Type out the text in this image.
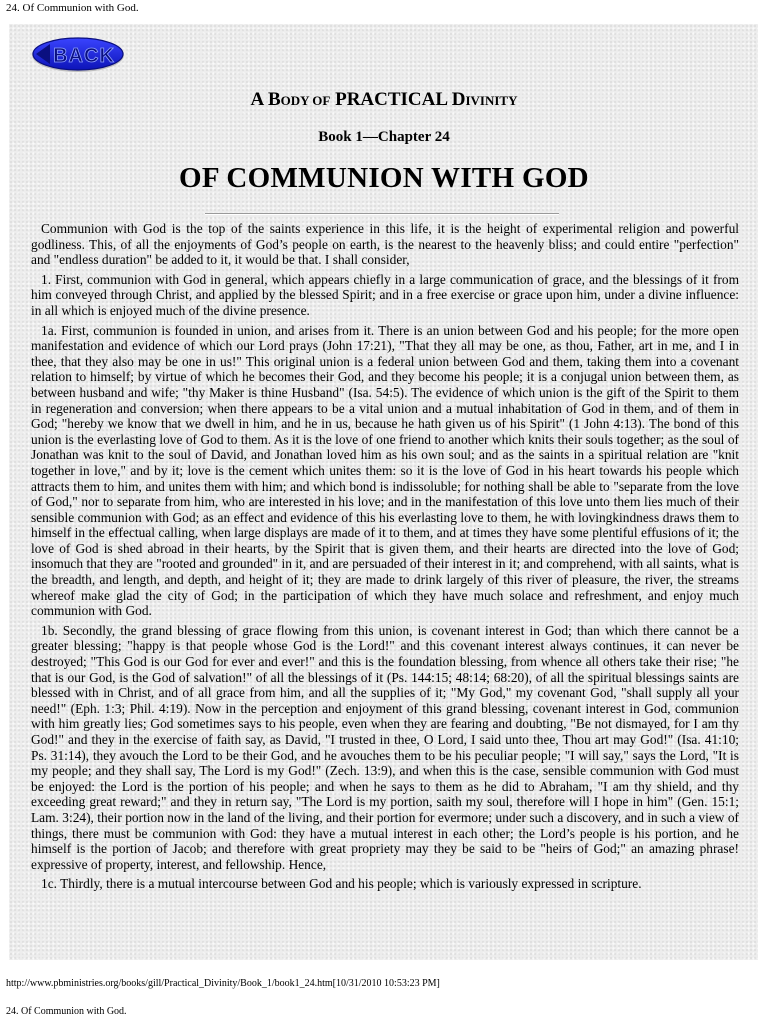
24. Of Communion with God.
BACK
A BODY OF PRACTICAL DIVINITY
Book 1—Chapter 24
OF COMMUNION WITH GOD

Communion with God is the top of the saints experience in this life, it is the height of experimental religion and powerful godliness. This, of all the enjoyments of God’s people on earth, is the nearest to the heavenly bliss; and could entire "perfection" and "endless duration" be added to it, it would be that. I shall consider,

1. First, communion with God in general, which appears chiefly in a large communication of grace, and the blessings of it from him conveyed through Christ, and applied by the blessed Spirit; and in a free exercise or grace upon him, under a divine influence: in all which is enjoyed much of the divine presence.

1a. First, communion is founded in union, and arises from it. There is an union between God and his people; for the more open manifestation and evidence of which our Lord prays (John 17:21), "That they all may be one, as thou, Father, art in me, and I in thee, that they also may be one in us!" This original union is a federal union between God and them, taking them into a covenant relation to himself; by virtue of which he becomes their God, and they become his people; it is a conjugal union between them, as between husband and wife; "thy Maker is thine Husband" (Isa. 54:5). The evidence of which union is the gift of the Spirit to them in regeneration and conversion; when there appears to be a vital union and a mutual inhabitation of God in them, and of them in God; "hereby we know that we dwell in him, and he in us, because he hath given us of his Spirit" (1 John 4:13). The bond of this union is the everlasting love of God to them. As it is the love of one friend to another which knits their souls together; as the soul of Jonathan was knit to the soul of David, and Jonathan loved him as his own soul; and as the saints in a spiritual relation are "knit together in love," and by it; love is the cement which unites them: so it is the love of God in his heart towards his people which attracts them to him, and unites them with him; and which bond is indissoluble; for nothing shall be able to "separate from the love of God," nor to separate from him, who are interested in his love; and in the manifestation of this love unto them lies much of their sensible communion with God; as an effect and evidence of this his everlasting love to them, he with lovingkindness draws them to himself in the effectual calling, when large displays are made of it to them, and at times they have some plentiful effusions of it; the love of God is shed abroad in their hearts, by the Spirit that is given them, and their hearts are directed into the love of God; insomuch that they are "rooted and grounded" in it, and are persuaded of their interest in it; and comprehend, with all saints, what is the breadth, and length, and depth, and height of it; they are made to drink largely of this river of pleasure, the river, the streams whereof make glad the city of God; in the participation of which they have much solace and refreshment, and enjoy much communion with God.

1b. Secondly, the grand blessing of grace flowing from this union, is covenant interest in God; than which there cannot be a greater blessing; "happy is that people whose God is the Lord!" and this covenant interest always continues, it can never be destroyed; "This God is our God for ever and ever!" and this is the foundation blessing, from whence all others take their rise; "he that is our God, is the God of salvation!" of all the blessings of it (Ps. 144:15; 48:14; 68:20), of all the spiritual blessings saints are blessed with in Christ, and of all grace from him, and all the supplies of it; "My God," my covenant God, "shall supply all your need!" (Eph. 1:3; Phil. 4:19). Now in the perception and enjoyment of this grand blessing, covenant interest in God, communion with him greatly lies; God sometimes says to his people, even when they are fearing and doubting, "Be not dismayed, for I am thy God!" and they in the exercise of faith say, as David, "I trusted in thee, O Lord, I said unto thee, Thou art may God!" (Isa. 41:10; Ps. 31:14), they avouch the Lord to be their God, and he avouches them to be his peculiar people; "I will say," says the Lord, "It is my people; and they shall say, The Lord is my God!" (Zech. 13:9), and when this is the case, sensible communion with God must be enjoyed: the Lord is the portion of his people; and when he says to them as he did to Abraham, "I am thy shield, and thy exceeding great reward;" and they in return say, "The Lord is my portion, saith my soul, therefore will I hope in him" (Gen. 15:1; Lam. 3:24), their portion now in the land of the living, and their portion for evermore; under such a discovery, and in such a view of things, there must be communion with God: they have a mutual interest in each other; the Lord’s people is his portion, and he himself is the portion of Jacob; and therefore with great propriety may they be said to be "heirs of God;" an amazing phrase! expressive of property, interest, and fellowship. Hence,

1c. Thirdly, there is a mutual intercourse between God and his people; which is variously expressed in scripture.

http://www.pbministries.org/books/gill/Practical_Divinity/Book_1/book1_24.htm[10/31/2010 10:53:23 PM]
24. Of Communion with God.
